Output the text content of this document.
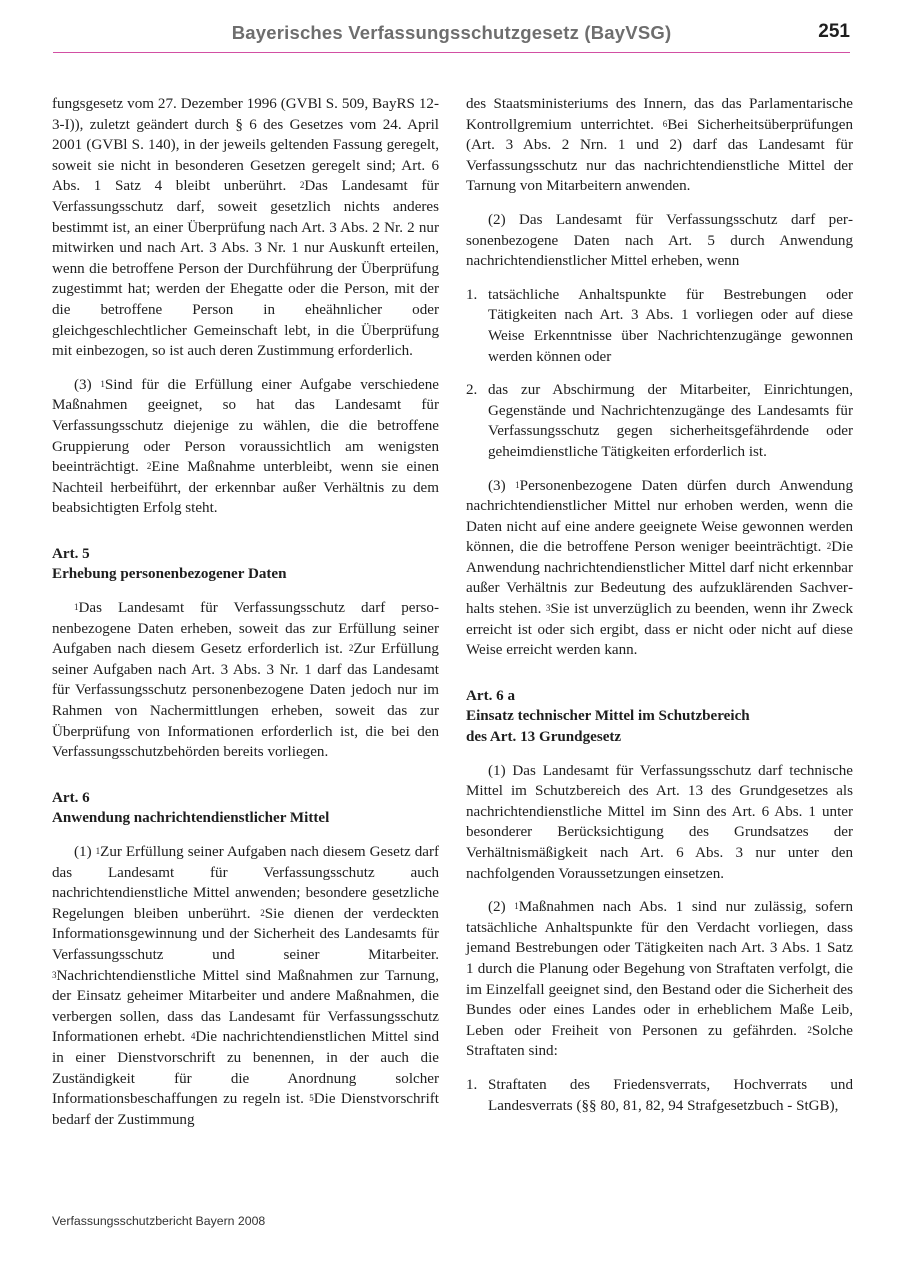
Bayerisches Verfassungsschutzgesetz (BayVSG)	251

fungsgesetz vom 27. Dezember 1996 (GVBl S. 509, BayRS 12-3-I)), zuletzt geändert durch § 6 des Gesetzes vom 24. April 2001 (GVBl S. 140), in der jeweils geltenden Fassung geregelt, soweit sie nicht in besonderen Gesetzen geregelt sind; Art. 6 Abs. 1 Satz 4 bleibt unberührt. $^2$Das Landesamt für Verfassungsschutz darf, soweit gesetzlich nichts anderes bestimmt ist, an einer Überprüfung nach Art. 3 Abs. 2 Nr. 2 nur mitwirken und nach Art. 3 Abs. 3 Nr. 1 nur Auskunft erteilen, wenn die betroffene Person der Durchführung der Überprüfung zugestimmt hat; werden der Ehegatte oder die Person, mit der die betroffene Person in eheähnlicher oder gleichgeschlechtlicher Gemeinschaft lebt, in die Überprüfung mit einbezogen, so ist auch deren Zustimmung erforderlich.

(3) $^1$Sind für die Erfüllung einer Aufgabe verschiedene Maßnahmen geeignet, so hat das Landesamt für Verfassungsschutz diejenige zu wählen, die die betroffene Gruppierung oder Person voraussichtlich am wenigsten beeinträchtigt. $^2$Eine Maßnahme unterbleibt, wenn sie einen Nachteil herbeiführt, der erkennbar außer Verhältnis zu dem beabsichtigten Erfolg steht.

Art. 5

Erhebung personenbezogener Daten

$^1$Das Landesamt für Verfassungsschutz darf personenbezogene Daten erheben, soweit das zur Erfüllung seiner Aufgaben nach diesem Gesetz erforderlich ist. $^2$Zur Erfüllung seiner Aufgaben nach Art. 3 Abs. 3 Nr. 1 darf das Landesamt für Verfassungsschutz personenbezogene Daten jedoch nur im Rahmen von Nachermittlungen erheben, soweit das zur Überprüfung von Informationen erforderlich ist, die bei den Verfassungsschutzbehörden bereits vorliegen.

Art. 6

Anwendung nachrichtendienstlicher Mittel

(1) $^1$Zur Erfüllung seiner Aufgaben nach diesem Gesetz darf das Landesamt für Verfassungsschutz auch nachrichtendienstliche Mittel anwenden; besondere gesetzliche Regelungen bleiben unberührt. $^2$Sie dienen der verdeckten Informationsgewinnung und der Sicherheit des Landesamts für Verfassungsschutz und seiner Mitarbeiter. $^3$Nachrichtendienstliche Mittel sind Maßnahmen zur Tarnung, der Einsatz geheimer Mitarbeiter und andere Maßnahmen, die verbergen sollen, dass das Landesamt für Verfassungsschutz Informationen erhebt. $^4$Die nachrichtendienstlichen Mittel sind in einer Dienstvorschrift zu benennen, in der auch die Zuständigkeit für die Anordnung solcher Informationsbeschaffungen zu regeln ist. $^5$Die Dienstvorschrift bedarf der Zustimmung

des Staatsministeriums des Innern, das das Parlamentarische Kontrollgremium unterrichtet. $^6$Bei Sicherheitsüberprüfungen (Art. 3 Abs. 2 Nrn. 1 und 2) darf das Landesamt für Verfassungsschutz nur das nachrichtendienstliche Mittel der Tarnung von Mitarbeitern anwenden.

(2) Das Landesamt für Verfassungsschutz darf personenbezogene Daten nach Art. 5 durch Anwendung nachrichtendienstlicher Mittel erheben, wenn

1. tatsächliche Anhaltspunkte für Bestrebungen oder Tätigkeiten nach Art. 3 Abs. 1 vorliegen oder auf diese Weise Erkenntnisse über Nachrichtenzugänge gewonnen werden können oder
2. das zur Abschirmung der Mitarbeiter, Einrichtungen, Gegenstände und Nachrichtenzugänge des Landesamts für Verfassungsschutz gegen sicherheitsgefährdende oder geheimdienstliche Tätigkeiten erforderlich ist.

(3) $^1$Personenbezogene Daten dürfen durch Anwendung nachrichtendienstlicher Mittel nur erhoben werden, wenn die Daten nicht auf eine andere geeignete Weise gewonnen werden können, die die betroffene Person weniger beeinträchtigt. $^2$Die Anwendung nachrichtendienstlicher Mittel darf nicht erkennbar außer Verhältnis zur Bedeutung des aufzuklärenden Sachverhalts stehen. $^3$Sie ist unverzüglich zu beenden, wenn ihr Zweck erreicht ist oder sich ergibt, dass er nicht oder nicht auf diese Weise erreicht werden kann.

Art. 6 a

Einsatz technischer Mittel im Schutzbereich

des Art. 13 Grundgesetz

(1) Das Landesamt für Verfassungsschutz darf technische Mittel im Schutzbereich des Art. 13 des Grundgesetzes als nachrichtendienstliche Mittel im Sinn des Art. 6 Abs. 1 unter besonderer Berücksichtigung des Grundsatzes der Verhältnismäßigkeit nach Art. 6 Abs. 3 nur unter den nachfolgenden Voraussetzungen einsetzen.

(2) $^1$Maßnahmen nach Abs. 1 sind nur zulässig, sofern tatsächliche Anhaltspunkte für den Verdacht vorliegen, dass jemand Bestrebungen oder Tätigkeiten nach Art. 3 Abs. 1 Satz 1 durch die Planung oder Begehung von Straftaten verfolgt, die im Einzelfall geeignet sind, den Bestand oder die Sicherheit des Bundes oder eines Landes oder in erheblichem Maße Leib, Leben oder Freiheit von Personen zu gefährden. $^2$Solche Straftaten sind:

1. Straftaten des Friedensverrats, Hochverrats und Landesverrats (§§ 80, 81, 82, 94 Strafgesetzbuch - StGB),
Verfassungsschutzbericht Bayern 2008
